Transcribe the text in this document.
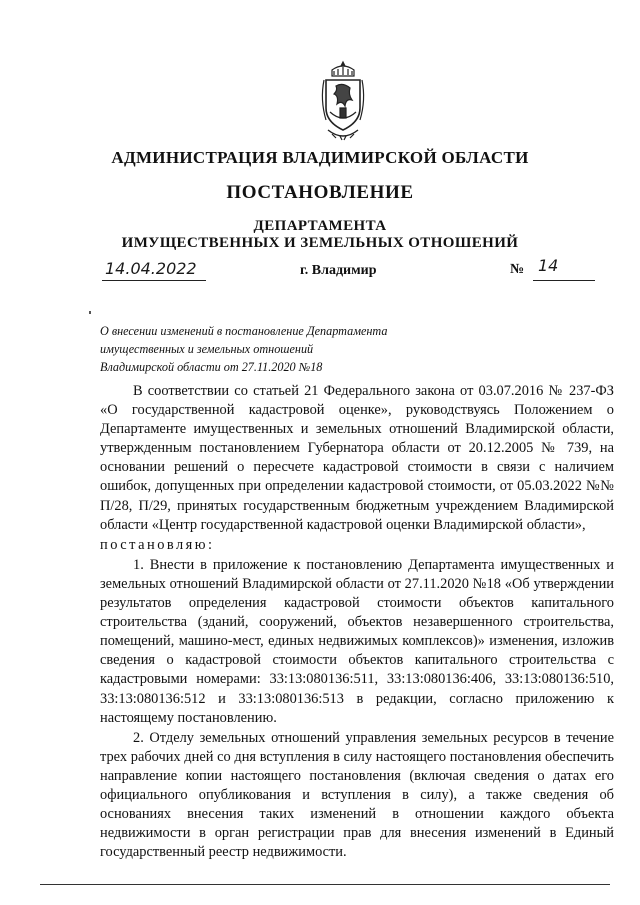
АДМИНИСТРАЦИЯ ВЛАДИМИРСКОЙ ОБЛАСТИ
ПОСТАНОВЛЕНИЕ
ДЕПАРТАМЕНТА
ИМУЩЕСТВЕННЫХ И ЗЕМЕЛЬНЫХ ОТНОШЕНИЙ
14.04.2022	г. Владимир	№ 14
О внесении изменений в постановление Департамента
имущественных и земельных отношений
Владимирской области от 27.11.2020 №18

В соответствии со статьей 21 Федерального закона от 03.07.2016 № 237-ФЗ «О государственной кадастровой оценке», руководствуясь Положением о Департаменте имущественных и земельных отношений Владимирской области, утвержденным постановлением Губернатора области от 20.12.2005 № 739, на основании решений о пересчете кадастровой стоимости в связи с наличием ошибок, допущенных при определении кадастровой стоимости, от 05.03.2022 №№ П/28, П/29, принятых государственным бюджетным учреждением Владимирской области «Центр государственной кадастровой оценки Владимирской области»,

постановляю:

1. Внести в приложение к постановлению Департамента имущественных и земельных отношений Владимирской области от 27.11.2020 №18 «Об утверждении результатов определения кадастровой стоимости объектов капитального строительства (зданий, сооружений, объектов незавершенного строительства, помещений, машино-мест, единых недвижимых комплексов)» изменения, изложив сведения о кадастровой стоимости объектов капитального строительства с кадастровыми номерами: 33:13:080136:511, 33:13:080136:406, 33:13:080136:510, 33:13:080136:512 и 33:13:080136:513 в редакции, согласно приложению к настоящему постановлению.

2. Отделу земельных отношений управления земельных ресурсов в течение трех рабочих дней со дня вступления в силу настоящего постановления обеспечить направление копии настоящего постановления (включая сведения о датах его официального опубликования и вступления в силу), а также сведения об основаниях внесения таких изменений в отношении каждого объекта недвижимости в орган регистрации прав для внесения изменений в Единый государственный реестр недвижимости.
